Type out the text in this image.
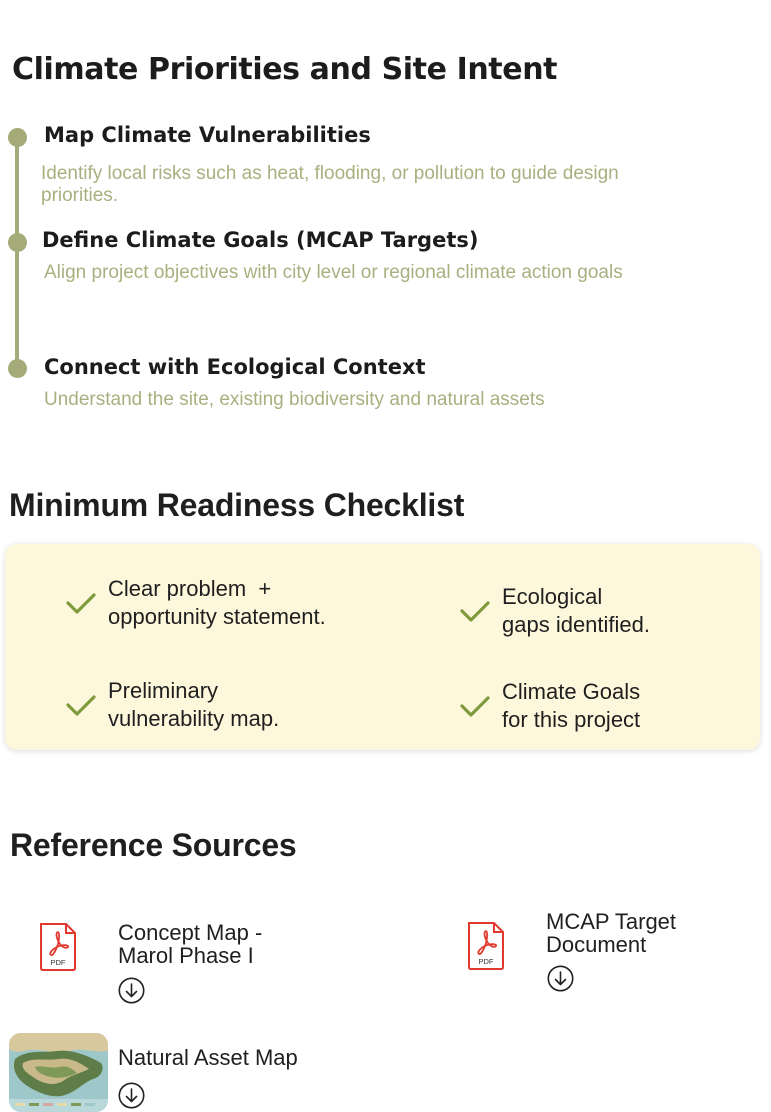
Climate Priorities and Site Intent
Map Climate Vulnerabilities
Identify local risks such as heat, flooding, or pollution to guide design
priorities.
Define Climate Goals (MCAP Targets)
Align project objectives with city level or regional climate action goals
Connect with Ecological Context
Understand the site, existing biodiversity and natural assets
Minimum Readiness Checklist
Clear problem  +
opportunity statement.
Ecological
gaps identified.
Preliminary
vulnerability map.
Climate Goals
for this project
Reference Sources
PDF
Concept Map -
Marol Phase I	PDF
MCAP Target
Document
Natural Asset Map
